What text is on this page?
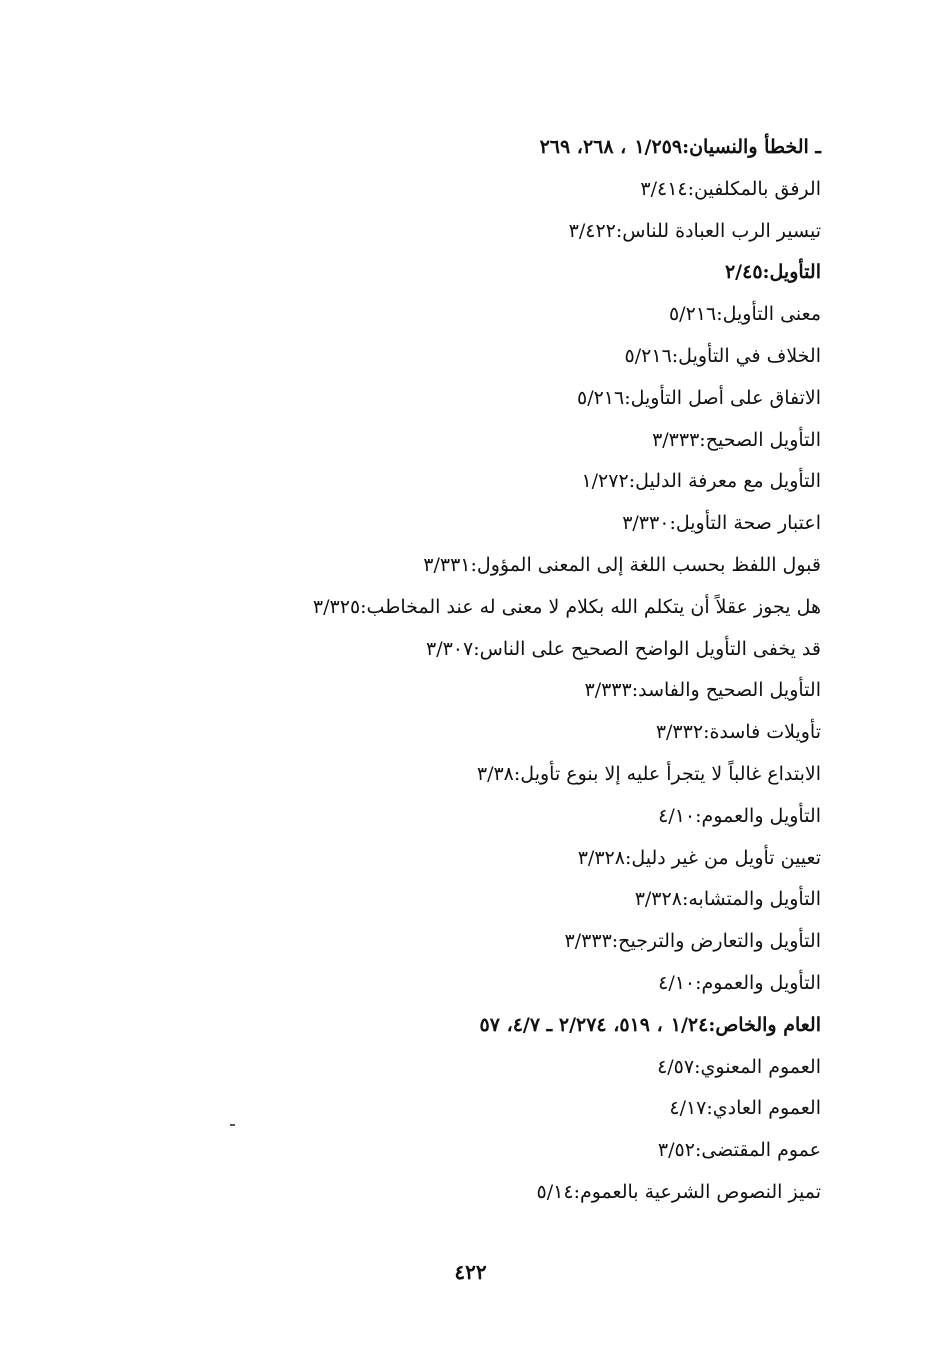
ـ الخطأ والنسيان:١/٢٥٩، ٢٦٨، ٢٦٩
الرفق بالمكلفين:٣/٤١٤
تيسير الرب العبادة للناس:٣/٤٢٢
التأويل:٢/٤٥
معنى التأويل:٥/٢١٦
الخلاف في التأويل:٥/٢١٦
الاتفاق على أصل التأويل:٥/٢١٦
التأويل الصحيح:٣/٣٣٣
التأويل مع معرفة الدليل:١/٢٧٢
اعتبار صحة التأويل:٣/٣٣٠
قبول اللفظ بحسب اللغة إلى المعنى المؤول:٣/٣٣١
هل يجوز عقلاً أن يتكلم الله بكلام لا معنى له عند المخاطب:٣/٣٢٥
قد يخفى التأويل الواضح الصحيح على الناس:٣/٣٠٧
التأويل الصحيح والفاسد:٣/٣٣٣
تأويلات فاسدة:٣/٣٣٢
الابتداع غالباً لا يتجرأ عليه إلا بنوع تأويل:٣/٣٨
التأويل والعموم:٤/١٠
تعيين تأويل من غير دليل:٣/٣٢٨
التأويل والمتشابه:٣/٣٢٨
التأويل والتعارض والترجيح:٣/٣٣٣
التأويل والعموم:٤/١٠
العام والخاص:١/٢٤، ٥١٩، ٢/٢٧٤ ـ ٤/٧، ٥٧
العموم المعنوي:٤/٥٧
العموم العادي:٤/١٧
عموم المقتضى:٣/٥٢
تميز النصوص الشرعية بالعموم:٥/١٤
٤٢٢
